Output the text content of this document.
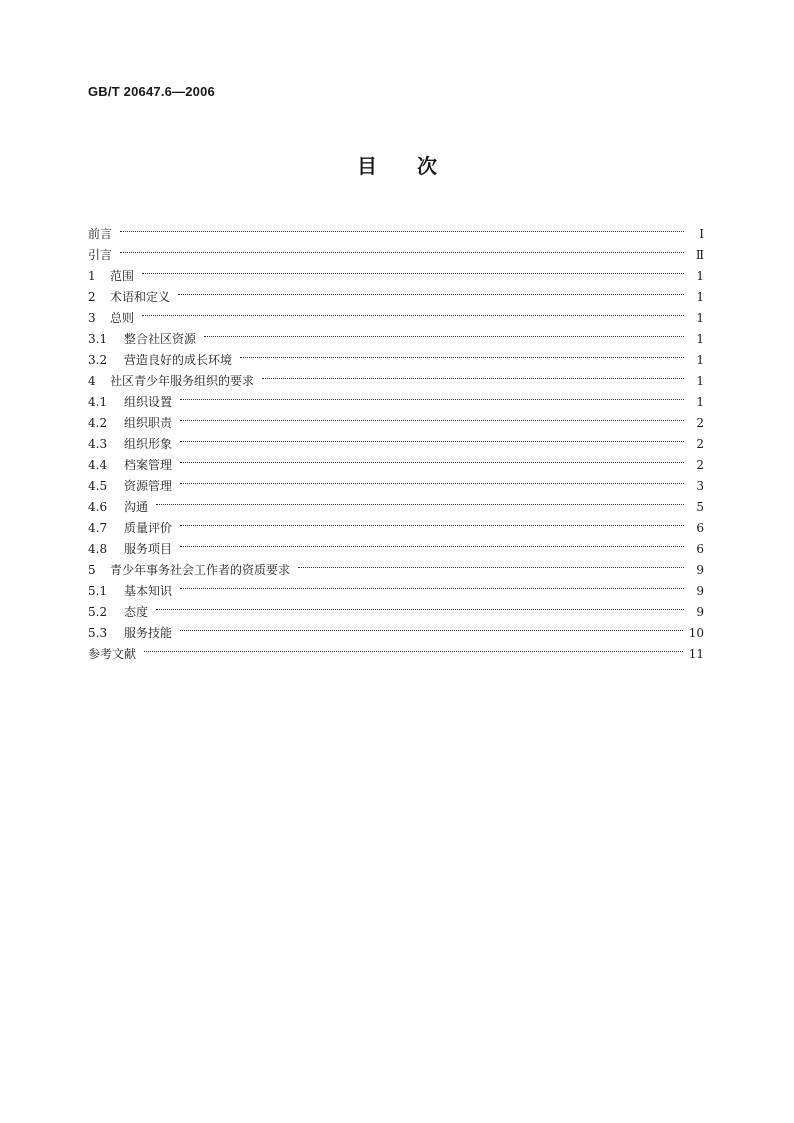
GB/T 20647.6—2006
目 次
前言	Ⅰ
引言	Ⅱ
1	范围	1
2	术语和定义	1
3	总则	1
3.1	整合社区资源	1
3.2	营造良好的成长环境	1
4	社区青少年服务组织的要求	1
4.1	组织设置	1
4.2	组织职责	2
4.3	组织形象	2
4.4	档案管理	2
4.5	资源管理	3
4.6	沟通	5
4.7	质量评价	6
4.8	服务项目	6
5	青少年事务社会工作者的资质要求	9
5.1	基本知识	9
5.2	态度	9
5.3	服务技能	10
参考文献	11
